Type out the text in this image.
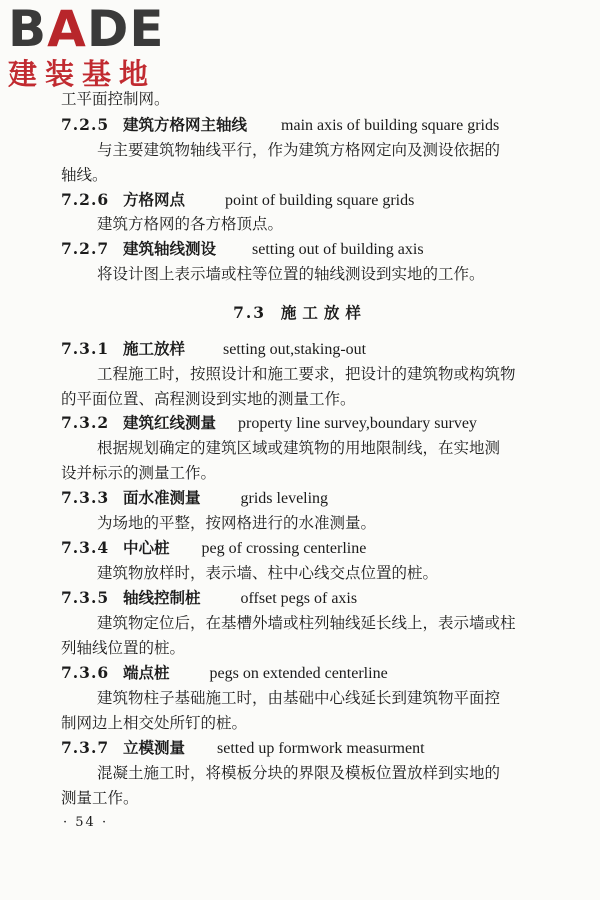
BADE

建装基地

工平面控制网。

7.2.5 建筑方格网主轴线 main axis of building square grids

与主要建筑物轴线平行，作为建筑方格网定向及测设依据的

轴线。

7.2.6 方格网点	point of building square grids

建筑方格网的各方格顶点。

7.2.7 建筑轴线测设 setting out of building axis

将设计图上表示墙或柱等位置的轴线测设到实地的工作。

7.3 施工放样

7.3.1 施工放样 setting out,staking-out

工程施工时，按照设计和施工要求，把设计的建筑物或构筑物

的平面位置、高程测设到实地的测量工作。

7.3.2 建筑红线测量 property line survey,boundary survey

根据规划确定的建筑区域或建筑物的用地限制线，在实地测

设并标示的测量工作。

7.3.3 面水准测量	grids leveling

为场地的平整，按网格进行的水准测量。

7.3.4 中心桩 peg of crossing centerline

建筑物放样时，表示墙、柱中心线交点位置的桩。

7.3.5 轴线控制桩	offset pegs of axis

建筑物定位后，在基槽外墙或柱列轴线延长线上，表示墙或柱

列轴线位置的桩。

7.3.6 端点桩	pegs on extended centerline

建筑物柱子基础施工时，由基础中心线延长到建筑物平面控

制网边上相交处所钉的桩。

7.3.7 立模测量 setted up formwork measurment

混凝土施工时，将模板分块的界限及模板位置放样到实地的

测量工作。

· 54 ·
